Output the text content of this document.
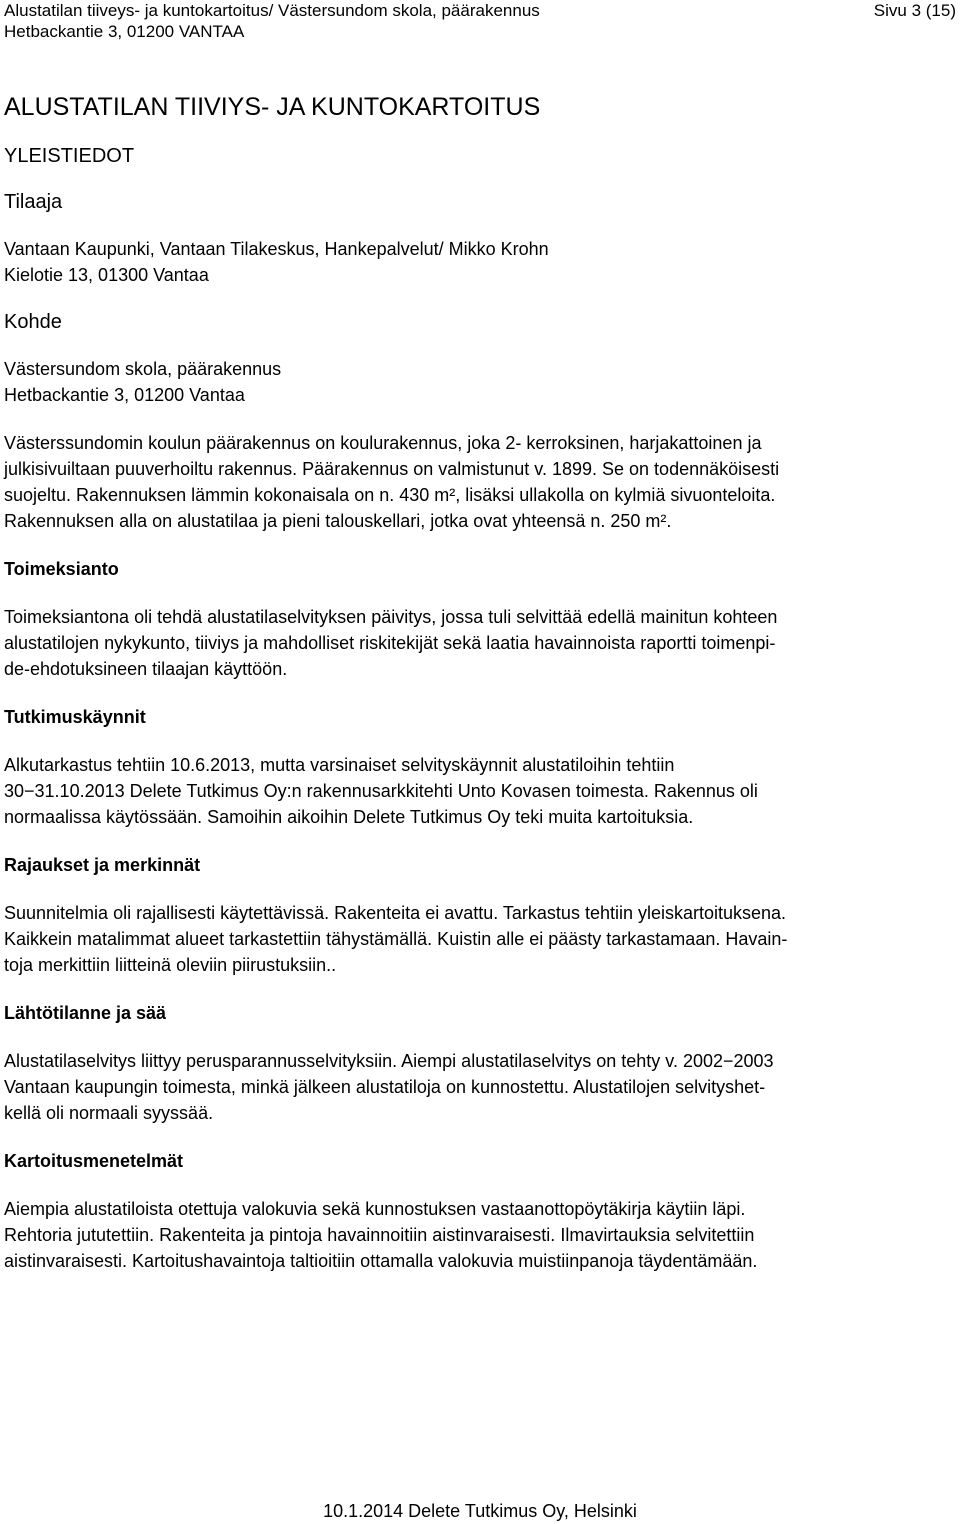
Alustatilan tiiveys- ja kuntokartoitus/ Västersundom skola, päärakennus
Hetbackantie 3, 01200 VANTAA
Sivu 3 (15)
ALUSTATILAN TIIVIYS- JA KUNTOKARTOITUS
YLEISTIEDOT
Tilaaja

Vantaan Kaupunki, Vantaan Tilakeskus, Hankepalvelut/ Mikko Krohn
Kielotie 13, 01300 Vantaa

Kohde

Västersundom skola, päärakennus
Hetbackantie 3, 01200 Vantaa

Västerssundomin koulun päärakennus on koulurakennus, joka 2- kerroksinen, harjakattoinen ja
julkisivuiltaan puuverhoiltu rakennus. Päärakennus on valmistunut v. 1899. Se on todennäköisesti
suojeltu. Rakennuksen lämmin kokonaisala on n. 430 m², lisäksi ullakolla on kylmiä sivuonteloita.
Rakennuksen alla on alustatilaa ja pieni talouskellari, jotka ovat yhteensä n. 250 m².

Toimeksianto

Toimeksiantona oli tehdä alustatilaselvityksen päivitys, jossa tuli selvittää edellä mainitun kohteen
alustatilojen nykykunto, tiiviys ja mahdolliset riskitekijät sekä laatia havainnoista raportti toimenpi-
de-ehdotuksineen tilaajan käyttöön.

Tutkimuskäynnit

Alkutarkastus tehtiin 10.6.2013, mutta varsinaiset selvityskäynnit alustatiloihin tehtiin
30−31.10.2013 Delete Tutkimus Oy:n rakennusarkkitehti Unto Kovasen toimesta. Rakennus oli
normaalissa käytössään. Samoihin aikoihin Delete Tutkimus Oy teki muita kartoituksia.

Rajaukset ja merkinnät

Suunnitelmia oli rajallisesti käytettävissä. Rakenteita ei avattu. Tarkastus tehtiin yleiskartoituksena.
Kaikkein matalimmat alueet tarkastettiin tähystämällä. Kuistin alle ei päästy tarkastamaan. Havain-
toja merkittiin liitteinä oleviin piirustuksiin..

Lähtötilanne ja sää

Alustatilaselvitys liittyy perusparannusselvityksiin. Aiempi alustatilaselvitys on tehty v. 2002−2003
Vantaan kaupungin toimesta, minkä jälkeen alustatiloja on kunnostettu. Alustatilojen selvityshet-
kellä oli normaali syyssää.

Kartoitusmenetelmät

Aiempia alustatiloista otettuja valokuvia sekä kunnostuksen vastaanottopöytäkirja käytiin läpi.
Rehtoria jututettiin. Rakenteita ja pintoja havainnoitiin aistinvaraisesti. Ilmavirtauksia selvitettiin
aistinvaraisesti. Kartoitushavaintoja taltioitiin ottamalla valokuvia muistiinpanoja täydentämään.

10.1.2014 Delete Tutkimus Oy, Helsinki
